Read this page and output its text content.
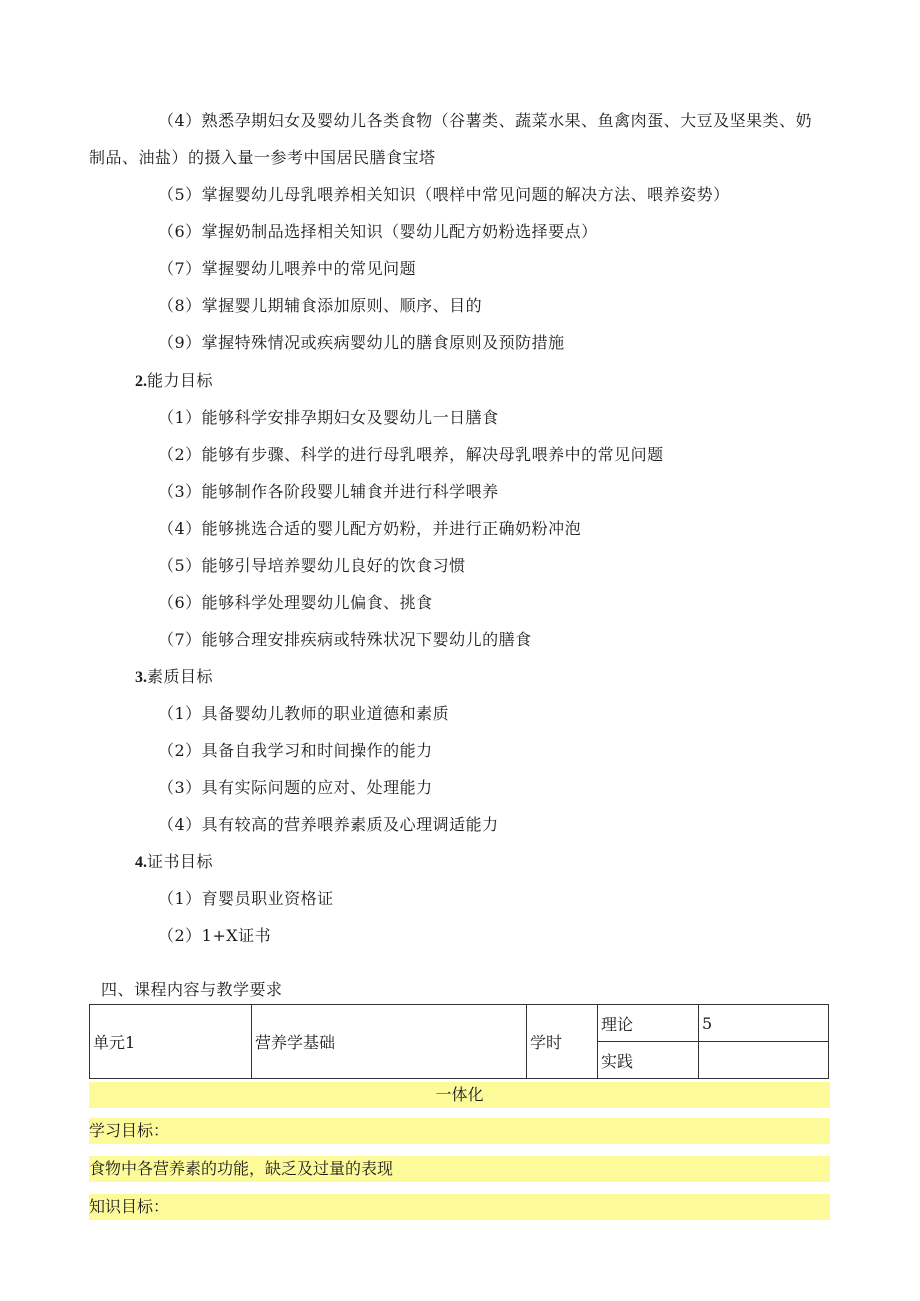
（4）熟悉孕期妇女及婴幼儿各类食物（谷薯类、蔬菜水果、鱼禽肉蛋、大豆及坚果类、奶
制品、油盐）的摄入量一参考中国居民膳食宝塔
（5）掌握婴幼儿母乳喂养相关知识（喂样中常见问题的解决方法、喂养姿势）
（6）掌握奶制品选择相关知识（婴幼儿配方奶粉选择要点）
（7）掌握婴幼儿喂养中的常见问题
（8）掌握婴儿期辅食添加原则、顺序、目的
（9）掌握特殊情况或疾病婴幼儿的膳食原则及预防措施
2.能力目标
（1）能够科学安排孕期妇女及婴幼儿一日膳食
（2）能够有步骤、科学的进行母乳喂养，解决母乳喂养中的常见问题
（3）能够制作各阶段婴儿辅食并进行科学喂养
（4）能够挑选合适的婴儿配方奶粉，并进行正确奶粉冲泡
（5）能够引导培养婴幼儿良好的饮食习惯
（6）能够科学处理婴幼儿偏食、挑食
（7）能够合理安排疾病或特殊状况下婴幼儿的膳食
3.素质目标
（1）具备婴幼儿教师的职业道德和素质
（2）具备自我学习和时间操作的能力
（3）具有实际问题的应对、处理能力
（4）具有较高的营养喂养素质及心理调适能力
4.证书目标
（1）育婴员职业资格证
（2）1+X证书
四、课程内容与教学要求
单元1	营养学基础	学时	理论	5
			实践	
一体化
学习目标：
食物中各营养素的功能，缺乏及过量的表现
知识目标：
